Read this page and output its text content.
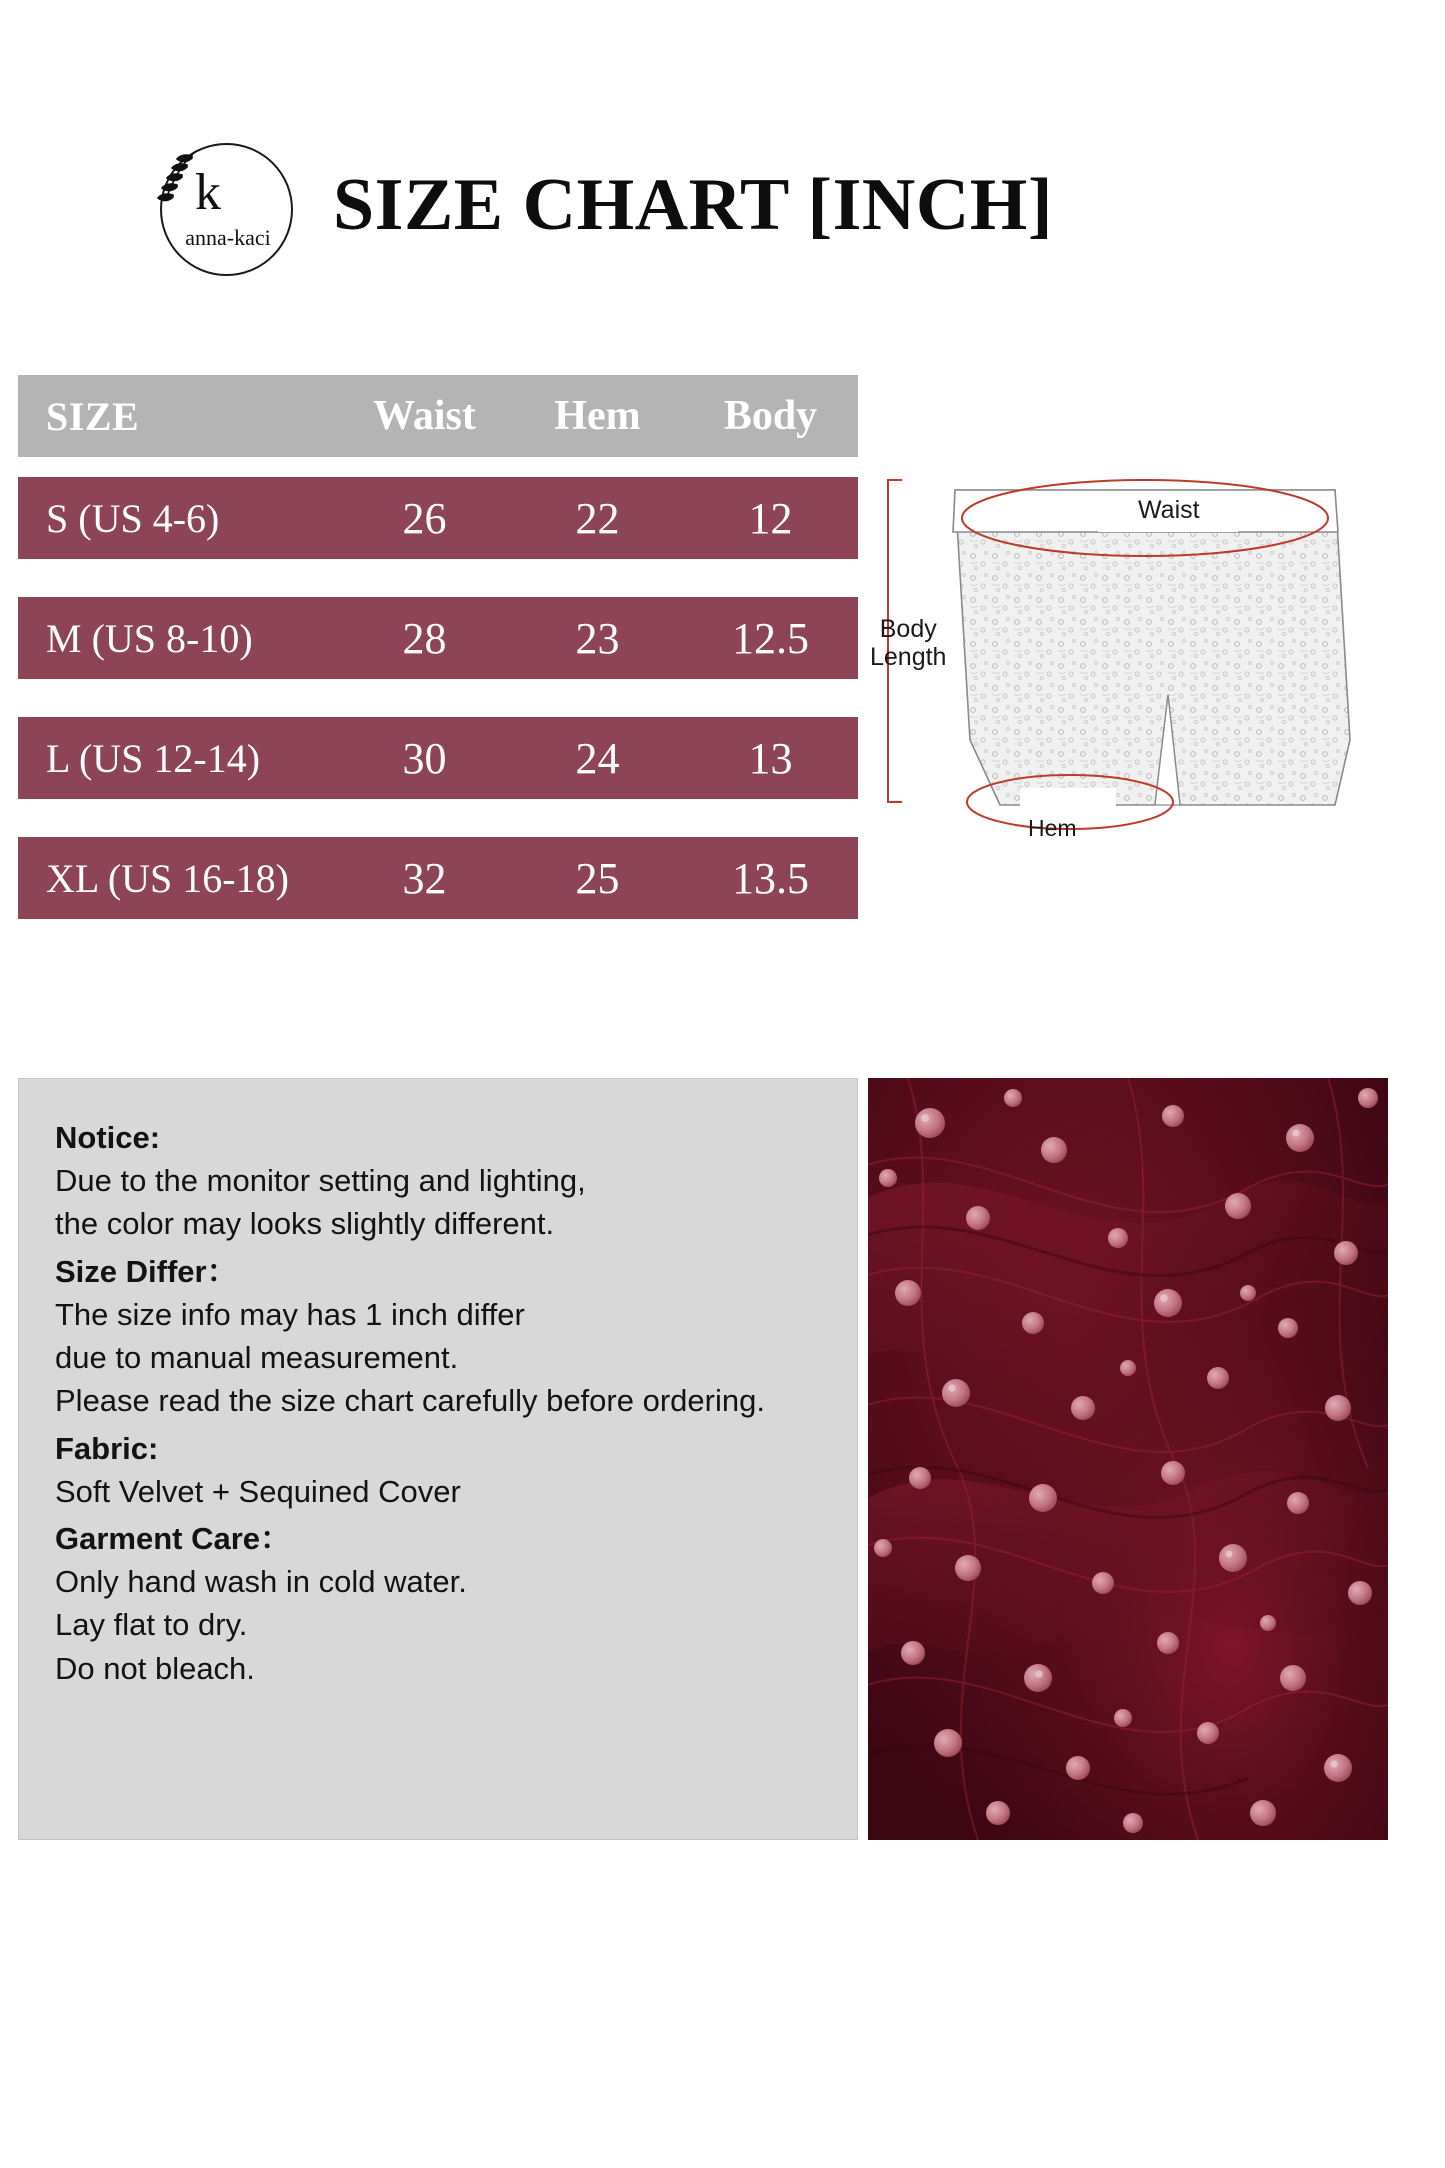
k
anna-kaci SIZE CHART [INCH]
SIZE	Waist	Hem	Body
S (US 4-6)	26	22	12
M (US 8-10)	28	23	12.5
L (US 12-14)	30	24	13
XL (US 16-18)	32	25	13.5
Waist
Hem
Body
Length

Notice:

Due to the monitor setting and lighting,

the color may looks slightly different.

Size Differ：

The size info may has 1 inch differ

due to manual measurement.

Please read the size chart carefully before ordering.

Fabric:

Soft Velvet + Sequined Cover

Garment Care：

Only hand wash in cold water.

Lay flat to dry.

Do not bleach.
